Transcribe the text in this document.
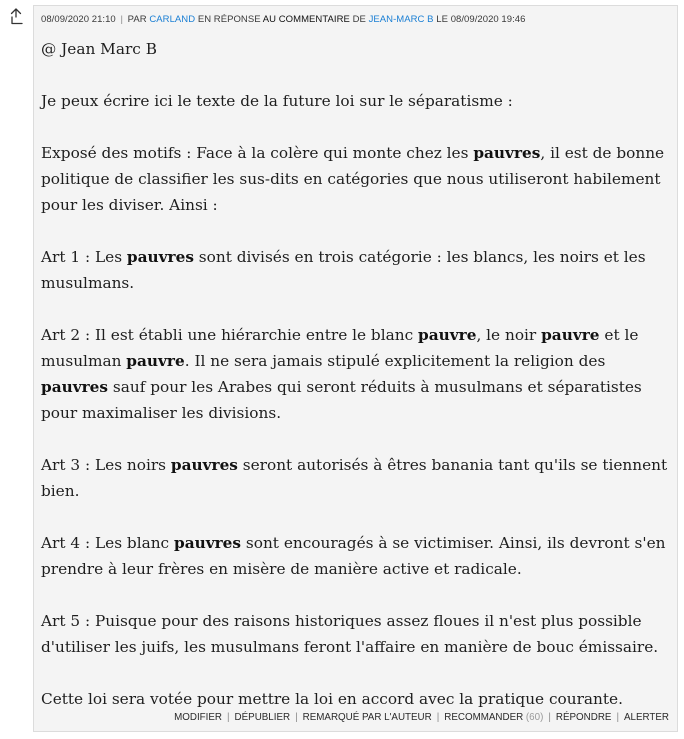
08/09/2020 21:10 | PAR CARLAND EN RÉPONSE AU COMMENTAIRE DE JEAN-MARC B LE 08/09/2020 19:46

@ Jean Marc B

Je peux écrire ici le texte de la future loi sur le séparatisme :

Exposé des motifs : Face à la colère qui monte chez les pauvres, il est de bonne politique de classifier les sus-dits en catégories que nous utiliseront habilement pour les diviser. Ainsi :

Art 1 : Les pauvres sont divisés en trois catégorie : les blancs, les noirs et les musulmans.

Art 2 : Il est établi une hiérarchie entre le blanc pauvre, le noir pauvre et le musulman pauvre. Il ne sera jamais stipulé explicitement la religion des pauvres sauf pour les Arabes qui seront réduits à musulmans et séparatistes pour maximaliser les divisions.

Art 3 : Les noirs pauvres seront autorisés à êtres banania tant qu'ils se tiennent bien.

Art 4 : Les blanc pauvres sont encouragés à se victimiser. Ainsi, ils devront s'en prendre à leur frères en misère de manière active et radicale.

Art 5 : Puisque pour des raisons historiques assez floues il n'est plus possible d'utiliser les juifs, les musulmans feront l'affaire en manière de bouc émissaire.

Cette loi sera votée pour mettre la loi en accord avec la pratique courante.

MODIFIER | DÉPUBLIER | REMARQUÉ PAR L'AUTEUR | RECOMMANDER (60) | RÉPONDRE | ALERTER
